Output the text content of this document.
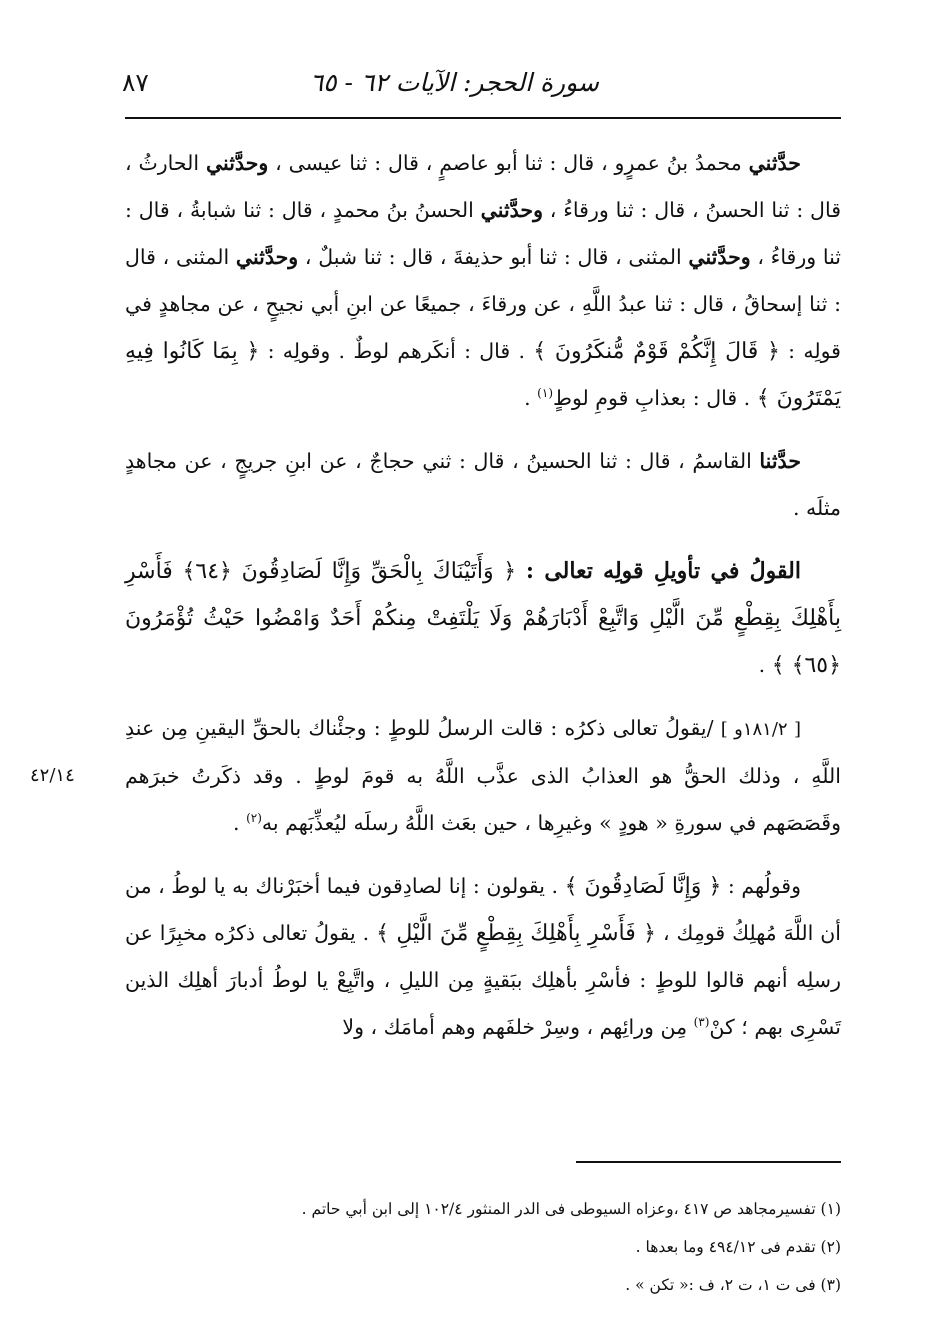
سورة الحجر: الآيات ٦٢ - ٦٥
٨٧
٤٢/١٤

حدَّثني محمدُ بنُ عمرٍو ، قال : ثنا أبو عاصمٍ ، قال : ثنا عيسى ، وحدَّثني الحارثُ ، قال : ثنا الحسنُ ، قال : ثنا ورقاءُ ، وحدَّثني الحسنُ بنُ محمدٍ ، قال : ثنا شبابةُ ، قال : ثنا ورقاءُ ، وحدَّثني المثنى ، قال : ثنا أبو حذيفةَ ، قال : ثنا شبلٌ ، وحدَّثني المثنى ، قال : ثنا إسحاقُ ، قال : ثنا عبدُ اللَّهِ ، عن ورقاءَ ، جميعًا عن ابنِ أبي نجيحٍ ، عن مجاهدٍ في قولِه : ﴿ قَالَ إِنَّكُمْ قَوْمٌ مُّنكَرُونَ ﴾ . قال : أنكَرهم لوطٌ . وقولِه : ﴿ بِمَا كَانُوا فِيهِ يَمْتَرُونَ ﴾ . قال : بعذابِ قومِ لوطٍ$^{(١)}$ .

حدَّثنا القاسمُ ، قال : ثنا الحسينُ ، قال : ثني حجاجٌ ، عن ابنِ جريجٍ ، عن مجاهدٍ مثلَه .

القولُ في تأويلِ قولِه تعالى : ﴿ وَأَتَيْنَاكَ بِالْحَقِّ وَإِنَّا لَصَادِقُونَ ﴿٦٤﴾ فَأَسْرِ بِأَهْلِكَ بِقِطْعٍ مِّنَ الَّيْلِ وَاتَّبِعْ أَدْبَارَهُمْ وَلَا يَلْتَفِتْ مِنكُمْ أَحَدٌ وَامْضُوا حَيْثُ تُؤْمَرُونَ ﴿٦٥﴾ ﴾ .

[ ١٨١/٢و ] /يقولُ تعالى ذكرُه : قالت الرسلُ للوطٍ : وجئْناك بالحقِّ اليقينِ مِن عندِ اللَّهِ ، وذلك الحقُّ هو العذابُ الذى عذَّب اللَّهُ به قومَ لوطٍ . وقد ذكَرتُ خبرَهم وقَصَصَهم في سورةِ « هودٍ » وغيرِها ، حين بعَث اللَّهُ رسلَه ليُعذِّبَهم به$^{(٢)}$ .

وقولُهم : ﴿ وَإِنَّا لَصَادِقُونَ ﴾ . يقولون : إنا لصادِقون فيما أخبَرْناك به يا لوطُ ، من أن اللَّهَ مُهلِكُ قومِك ، ﴿ فَأَسْرِ بِأَهْلِكَ بِقِطْعٍ مِّنَ الَّيْلِ ﴾ . يقولُ تعالى ذكرُه مخبِرًا عن رسلِه أنهم قالوا للوطٍ : فأسْرِ بأهلِك ببَقيةٍ مِن الليلِ ، واتَّبِعْ يا لوطُ أدبارَ أهلِك الذين تَسْرِى بهم ؛ كنْ$^{(٣)}$ مِن ورائِهم ، وسِرْ خلفَهم وهم أمامَك ، ولا

(١) تفسيرمجاهد ص ٤١٧ ،وعزاه السيوطى فى الدر المنثور ١٠٢/٤ إلى ابن أبي حاتم .
(٢) تقدم فى ٤٩٤/١٢ وما بعدها .
(٣) فى ت ١، ت ٢، ف :« تكن » .
